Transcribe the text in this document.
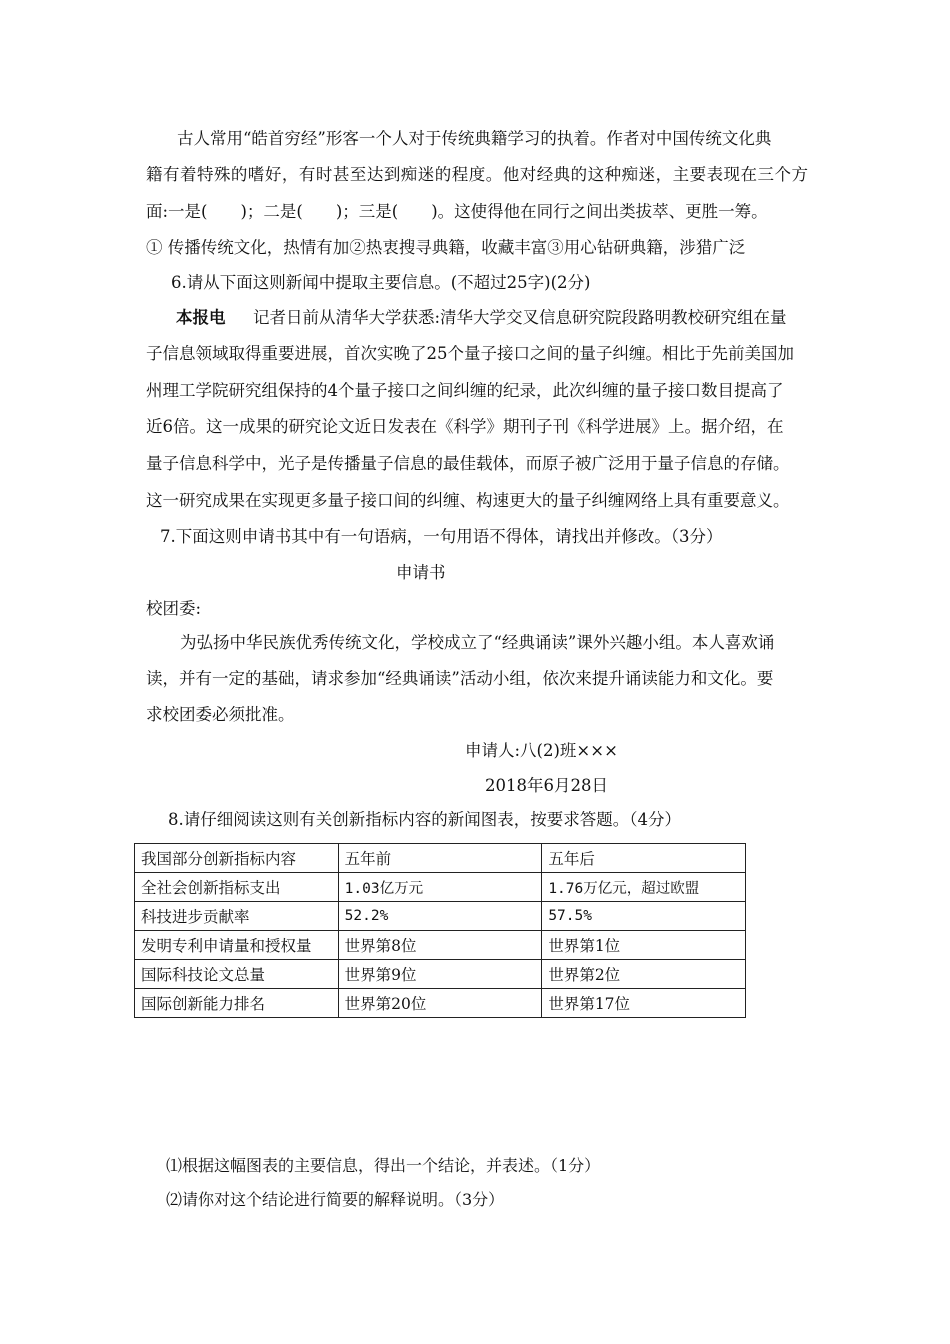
古人常用“皓首穷经”形客一个人对于传统典籍学习的执着。作者对中国传统文化典
籍有着特殊的嗜好，有时甚至达到痴迷的程度。他对经典的这种痴迷，主要表现在三个方
面:一是(　　)；二是(　　)；三是(　　)。这使得他在同行之间出类拔萃、更胜一筹。
① 传播传统文化，热情有加②热衷搜寻典籍，收藏丰富③用心钻研典籍，涉猎广泛
6.请从下面这则新闻中提取主要信息。(不超过25字)(2分)
本报电 记者日前从清华大学获悉:清华大学交叉信息研究院段路明教校研究组在量
子信息领域取得重要进展，首次实晚了25个量子接口之间的量子纠缠。相比于先前美国加
州理工学院研究组保持的4个量子接口之间纠缠的纪录，此次纠缠的量子接口数目提高了
近6倍。这一成果的研究论文近日发表在《科学》期刊子刊《科学进展》上。据介绍，在
量子信息科学中，光子是传播量子信息的最佳载体，而原子被广泛用于量子信息的存储。
这一研究成果在实现更多量子接口间的纠缠、构速更大的量子纠缠网络上具有重要意义。
7.下面这则申请书其中有一句语病，一句用语不得体，请找出并修改。（3分）
申请书
校团委:
为弘扬中华民族优秀传统文化，学校成立了“经典诵读”课外兴趣小组。本人喜欢诵
读，并有一定的基础，请求参加“经典诵读”活动小组，依次来提升诵读能力和文化。要
求校团委必须批准。
申请人:八(2)班×××
2018年6月28日
8.请仔细阅读这则有关创新指标内容的新闻图表，按要求答题。（4分）
我国部分创新指标内容	五年前	五年后
全社会创新指标支出	1.03亿万元	1.76万亿元，超过欧盟
科技进步贡献率	52.2%	57.5%
发明专利申请量和授权量	世界第8位	世界第1位
国际科技论文总量	世界第9位	世界第2位
国际创新能力排名	世界第20位	世界第17位
⑴根据这幅图表的主要信息，得出一个结论，并表述。（1分）
⑵请你对这个结论进行简要的解释说明。（3分）
